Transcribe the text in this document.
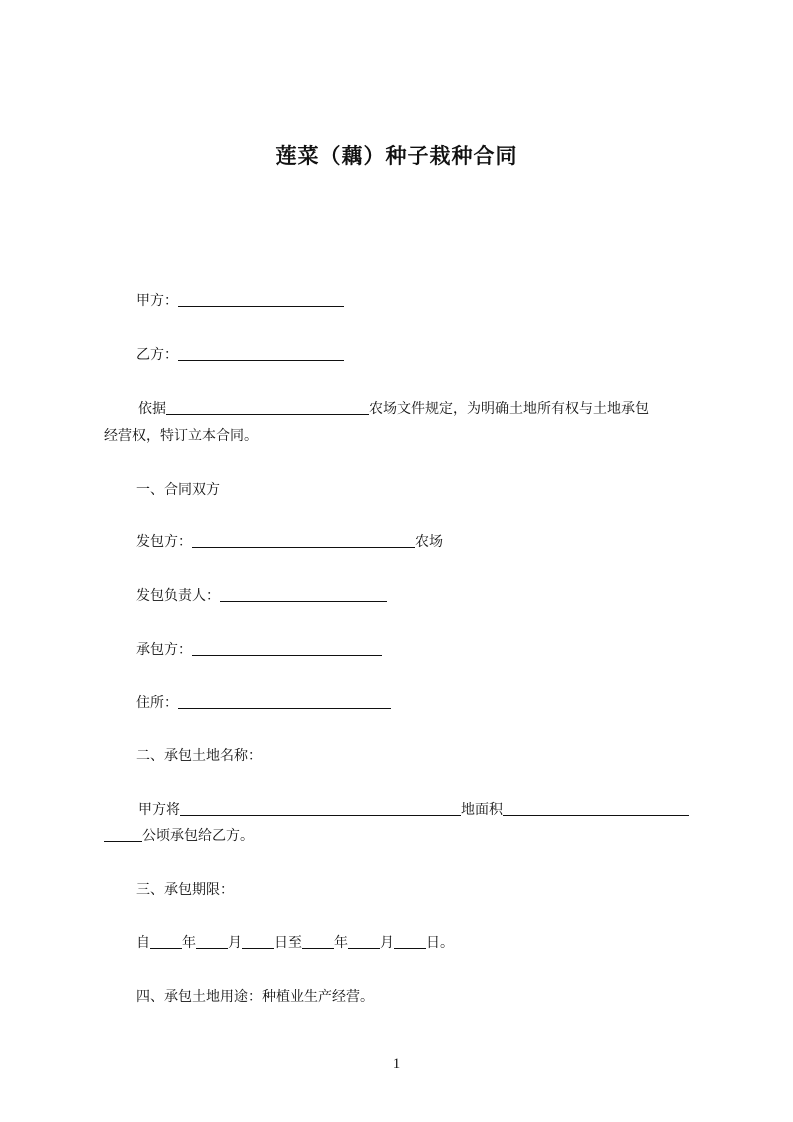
莲菜（藕）种子栽种合同
甲方：
乙方：
依据	农场文件规定，为明确土地所有权与土地承包
经营权，特订立本合同。
一、合同双方
发包方：	农场
发包负责人：
承包方：
住所：
二、承包土地名称：
甲方将	地面积
公顷承包给乙方。
三、承包期限：
自 年 月 日至 年 月 日。
四、承包土地用途：种植业生产经营。
1
